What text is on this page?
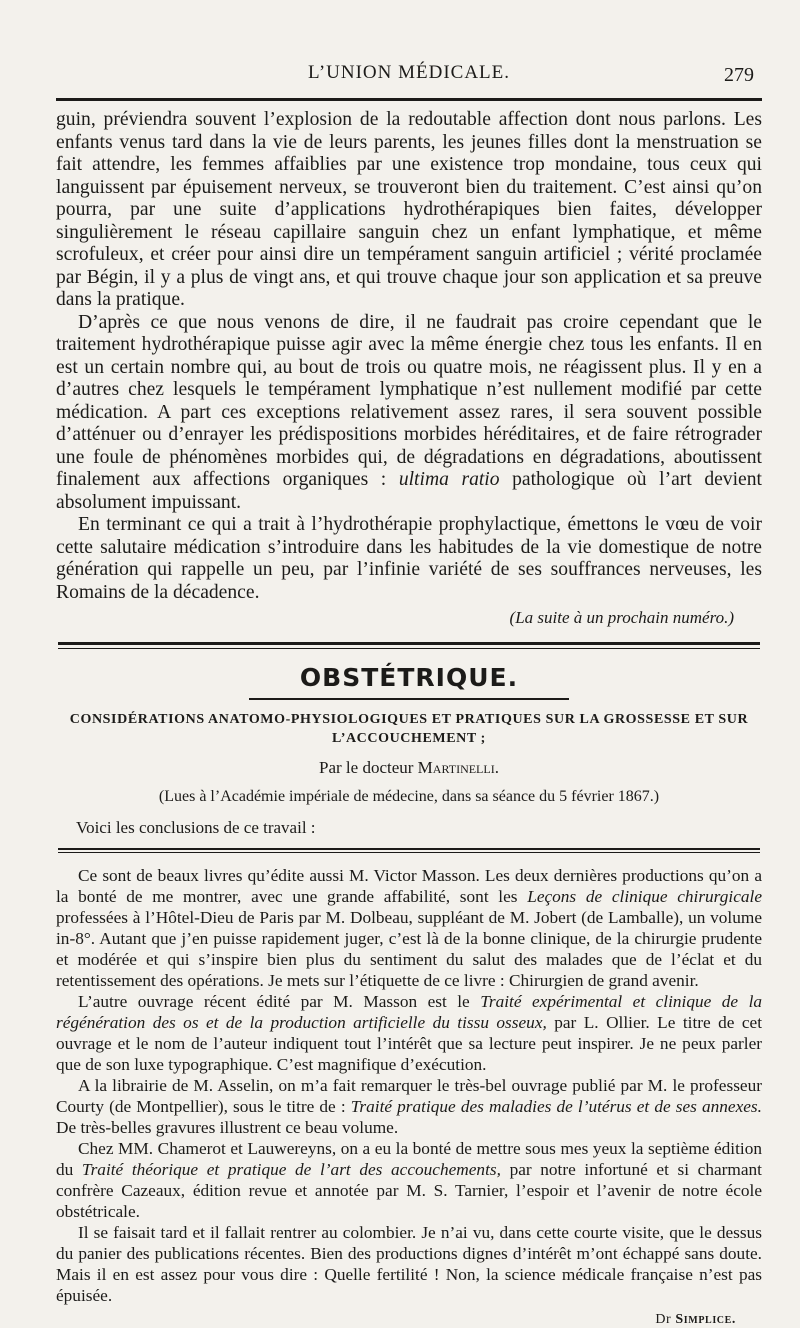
L’UNION MÉDICALE.	279

guin, préviendra souvent l’explosion de la redoutable affection dont nous parlons. Les enfants venus tard dans la vie de leurs parents, les jeunes filles dont la menstruation se fait attendre, les femmes affaiblies par une existence trop mondaine, tous ceux qui languissent par épuisement nerveux, se trouveront bien du traitement. C’est ainsi qu’on pourra, par une suite d’applications hydrothérapiques bien faites, développer singulièrement le réseau capillaire sanguin chez un enfant lymphatique, et même scrofuleux, et créer pour ainsi dire un tempérament sanguin artificiel ; vérité proclamée par Bégin, il y a plus de vingt ans, et qui trouve chaque jour son application et sa preuve dans la pratique.

D’après ce que nous venons de dire, il ne faudrait pas croire cependant que le traitement hydrothérapique puisse agir avec la même énergie chez tous les enfants. Il en est un certain nombre qui, au bout de trois ou quatre mois, ne réagissent plus. Il y en a d’autres chez lesquels le tempérament lymphatique n’est nullement modifié par cette médication. A part ces exceptions relativement assez rares, il sera souvent possible d’atténuer ou d’enrayer les prédispositions morbides héréditaires, et de faire rétrograder une foule de phénomènes morbides qui, de dégradations en dégradations, aboutissent finalement aux affections organiques : ultima ratio pathologique où l’art devient absolument impuissant.

En terminant ce qui a trait à l’hydrothérapie prophylactique, émettons le vœu de voir cette salutaire médication s’introduire dans les habitudes de la vie domestique de notre génération qui rappelle un peu, par l’infinie variété de ses souffrances nerveuses, les Romains de la décadence.

(La suite à un prochain numéro.)
OBSTÉTRIQUE.
CONSIDÉRATIONS ANATOMO-PHYSIOLOGIQUES ET PRATIQUES SUR LA GROSSESSE ET SUR L’ACCOUCHEMENT ;
Par le docteur Martinelli.
(Lues à l’Académie impériale de médecine, dans sa séance du 5 février 1867.)
Voici les conclusions de ce travail :

Ce sont de beaux livres qu’édite aussi M. Victor Masson. Les deux dernières productions qu’on a la bonté de me montrer, avec une grande affabilité, sont les Leçons de clinique chirurgicale professées à l’Hôtel-Dieu de Paris par M. Dolbeau, suppléant de M. Jobert (de Lamballe), un volume in-8°. Autant que j’en puisse rapidement juger, c’est là de la bonne clinique, de la chirurgie prudente et modérée et qui s’inspire bien plus du sentiment du salut des malades que de l’éclat et du retentissement des opérations. Je mets sur l’étiquette de ce livre : Chirurgien de grand avenir.

L’autre ouvrage récent édité par M. Masson est le Traité expérimental et clinique de la régénération des os et de la production artificielle du tissu osseux, par L. Ollier. Le titre de cet ouvrage et le nom de l’auteur indiquent tout l’intérêt que sa lecture peut inspirer. Je ne peux parler que de son luxe typographique. C’est magnifique d’exécution.

A la librairie de M. Asselin, on m’a fait remarquer le très-bel ouvrage publié par M. le professeur Courty (de Montpellier), sous le titre de : Traité pratique des maladies de l’utérus et de ses annexes. De très-belles gravures illustrent ce beau volume.

Chez MM. Chamerot et Lauwereyns, on a eu la bonté de mettre sous mes yeux la septième édition du Traité théorique et pratique de l’art des accouchements, par notre infortuné et si charmant confrère Cazeaux, édition revue et annotée par M. S. Tarnier, l’espoir et l’avenir de notre école obstétricale.

Il se faisait tard et il fallait rentrer au colombier. Je n’ai vu, dans cette courte visite, que le dessus du panier des publications récentes. Bien des productions dignes d’intérêt m’ont échappé sans doute. Mais il en est assez pour vous dire : Quelle fertilité ! Non, la science médicale française n’est pas épuisée.

Dr Simplice.
